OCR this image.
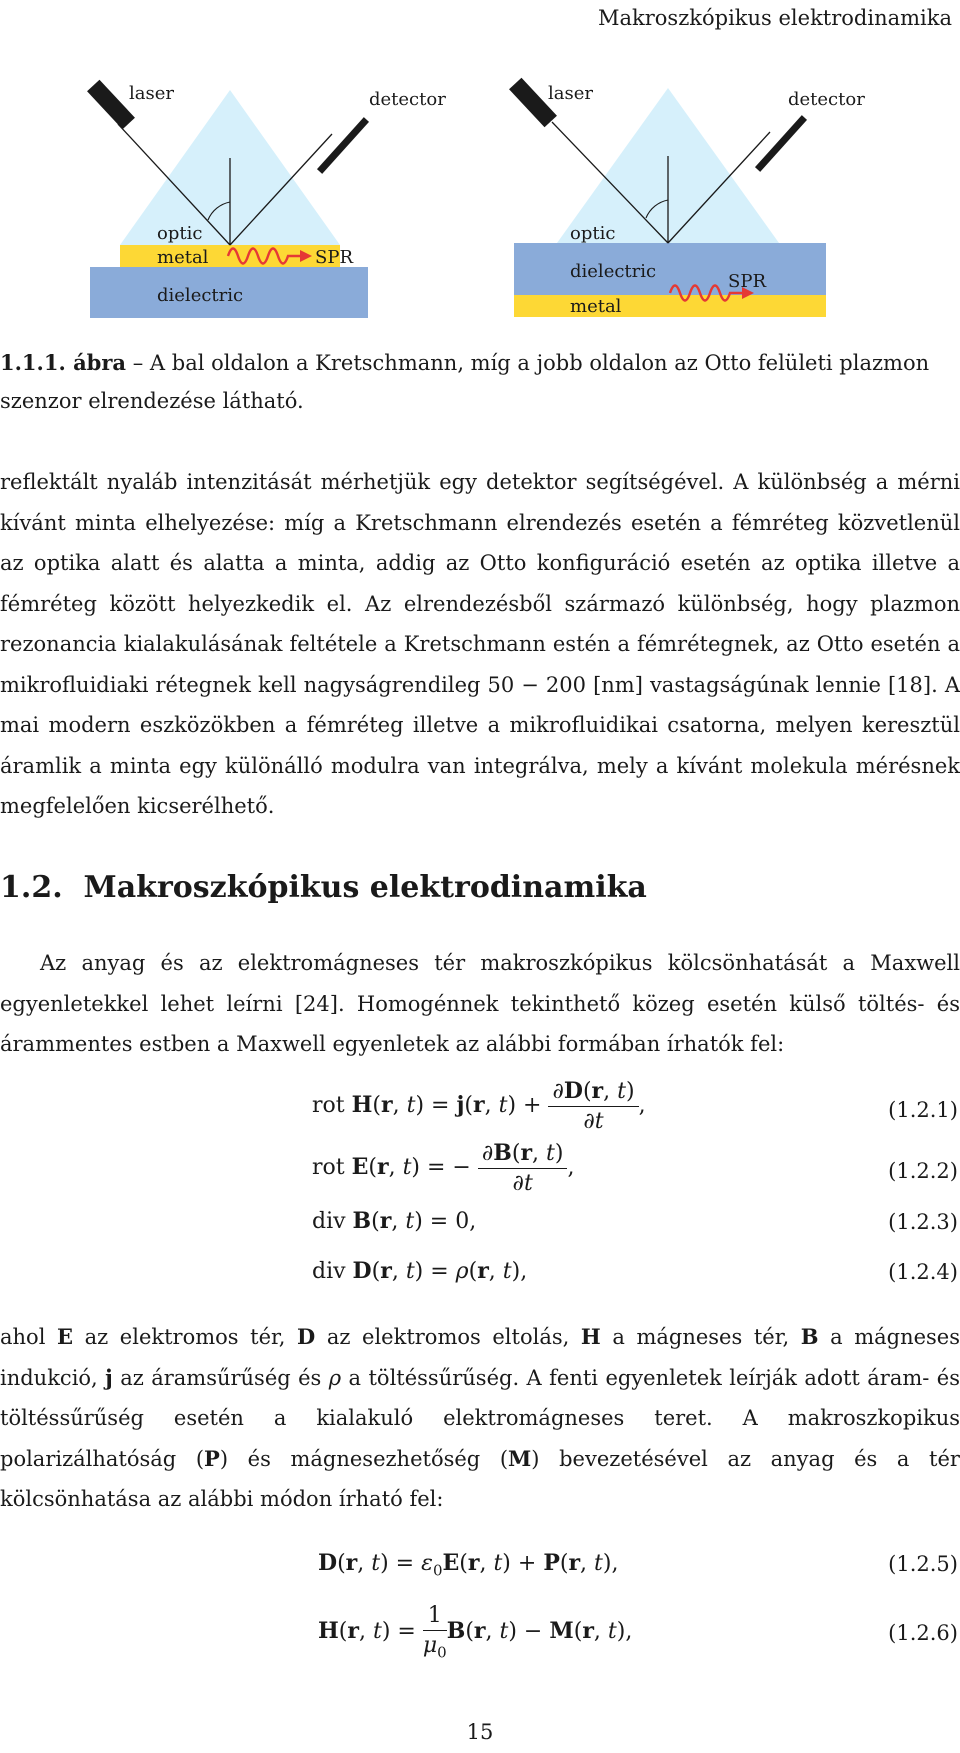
Makroszkópikus elektrodinamika
laser	detector
optic
metal	SPR
dielectric
laser	detector
optic
dielectric	SPR
metal
1.1.1. ábra – A bal oldalon a Kretschmann, míg a jobb oldalon az Otto felületi plazmon szenzor elrendezése látható.
reflektált nyaláb intenzitását mérhetjük egy detektor segítségével. A különbség a mérni kívánt minta elhelyezése: míg a Kretschmann elrendezés esetén a fémréteg közvetlenül az optika alatt és alatta a minta, addig az Otto konfiguráció esetén az optika illetve a fémréteg között helyezkedik el. Az elrendezésből származó különbség, hogy plazmon rezonancia kialakulásának feltétele a Kretschmann estén a fémrétegnek, az Otto esetén a mikrofluidiaki rétegnek kell nagyságrendileg 50 − 200 [nm] vastagságúnak lennie [18]. A mai modern eszközökben a fémréteg illetve a mikrofluidikai csatorna, melyen keresztül áramlik a minta egy különálló modulra van integrálva, mely a kívánt molekula mérésnek megfelelően kicserélhető.
1.2. Makroszkópikus elektrodinamika
Az anyag és az elektromágneses tér makroszkópikus kölcsönhatását a Maxwell egyenletekkel lehet leírni [24]. Homogénnek tekinthető közeg esetén külső töltés- és árammentes estben a Maxwell egyenletek az alábbi formában írhatók fel:
rot H(r, t) = j(r, $t) + \frac{\partial D(r, t)}{\partial t}$ ,	(1.2.1)
rot E(r, t) = − $\frac{\partial B(r, t)}{\partial t}$ ,	(1.2.2)
div B(r, t) = 0,	(1.2.3)
div D(r, t) = ρ(r, t),	(1.2.4)
ahol E az elektromos tér, D az elektromos eltolás, H a mágneses tér, B a mágneses indukció, j az áramsűrűség és ρ a töltéssűrűség. A fenti egyenletek leírják adott áram- és töltéssűrűség esetén a kialakuló elektromágneses teret. A makroszkopikus polarizálhatóság (P) és mágnesezhetőség (M) bevezetésével az anyag és a tér kölcsönhatása az alábbi módon írható fel:
D(r, $t) = \varepsilon_0E(r$, t) + P(r, t),	(1.2.5)
H(r, $t) = \frac{1}{\mu_0} B(r$, t) − M(r, t),	(1.2.6)
15
